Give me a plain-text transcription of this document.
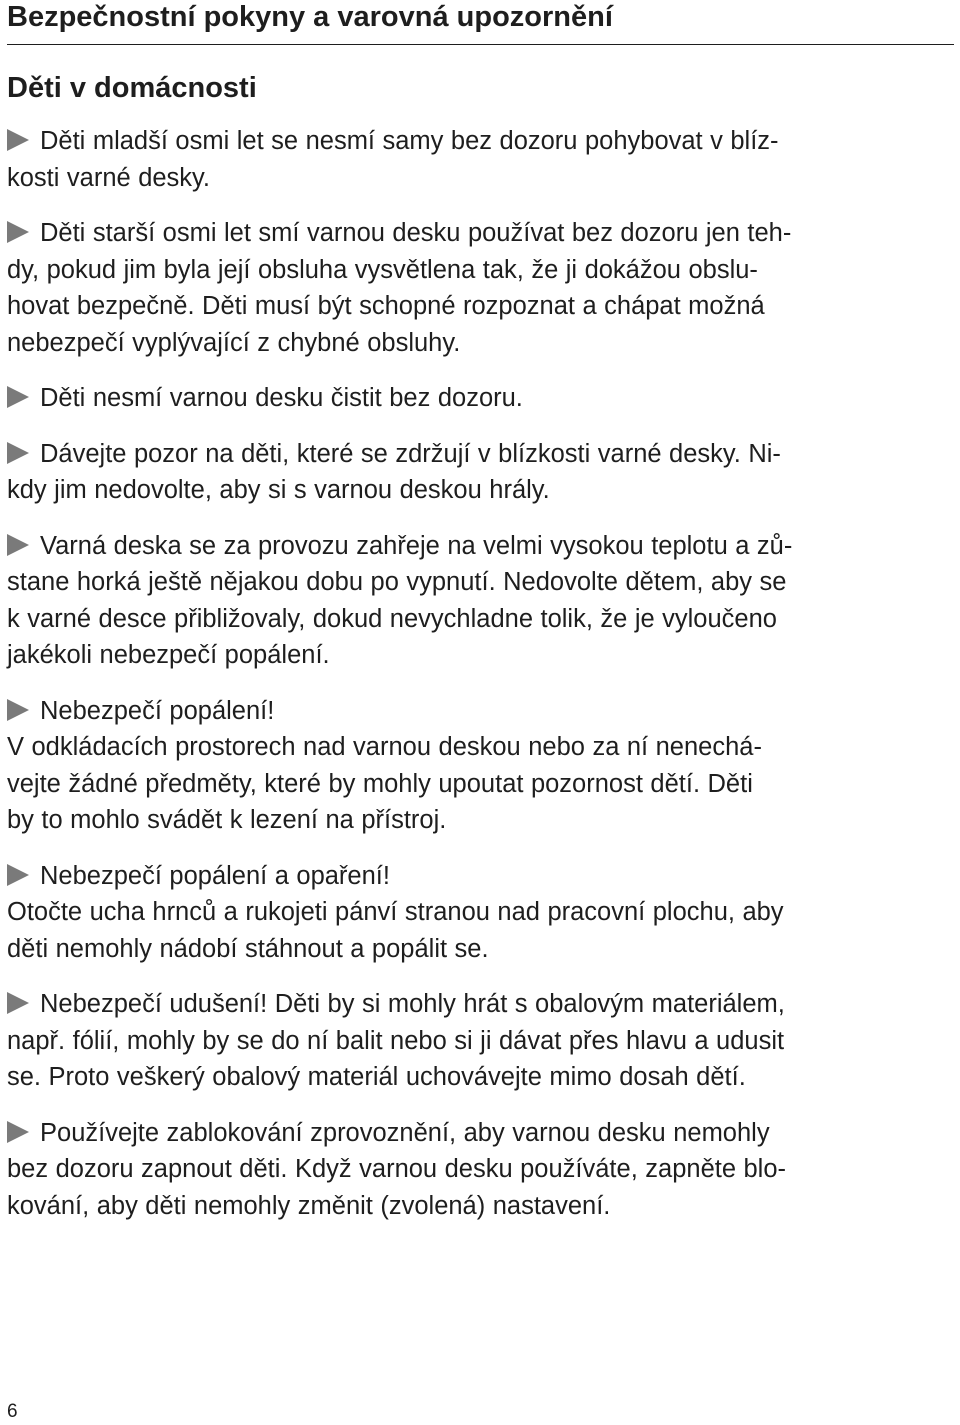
Bezpečnostní pokyny a varovná upozornění
Děti v domácnosti
Děti mladší osmi let se nesmí samy bez dozoru pohybovat v blíz-
kosti varné desky.
Děti starší osmi let smí varnou desku používat bez dozoru jen teh-
dy, pokud jim byla její obsluha vysvětlena tak, že ji dokážou obslu-
hovat bezpečně. Děti musí být schopné rozpoznat a chápat možná
nebezpečí vyplývající z chybné obsluhy.
Děti nesmí varnou desku čistit bez dozoru.
Dávejte pozor na děti, které se zdržují v blízkosti varné desky. Ni-
kdy jim nedovolte, aby si s varnou deskou hrály.
Varná deska se za provozu zahřeje na velmi vysokou teplotu a zů-
stane horká ještě nějakou dobu po vypnutí. Nedovolte dětem, aby se
k varné desce přibližovaly, dokud nevychladne tolik, že je vyloučeno
jakékoli nebezpečí popálení.
Nebezpečí popálení!
V odkládacích prostorech nad varnou deskou nebo za ní nenechá-
vejte žádné předměty, které by mohly upoutat pozornost dětí. Děti
by to mohlo svádět k lezení na přístroj.
Nebezpečí popálení a opaření!
Otočte ucha hrnců a rukojeti pánví stranou nad pracovní plochu, aby
děti nemohly nádobí stáhnout a popálit se.
Nebezpečí udušení! Děti by si mohly hrát s obalovým materiálem,
např. fólií, mohly by se do ní balit nebo si ji dávat přes hlavu a udusit
se. Proto veškerý obalový materiál uchovávejte mimo dosah dětí.
Používejte zablokování zprovoznění, aby varnou desku nemohly
bez dozoru zapnout děti. Když varnou desku používáte, zapněte blo-
kování, aby děti nemohly změnit (zvolená) nastavení.
6
